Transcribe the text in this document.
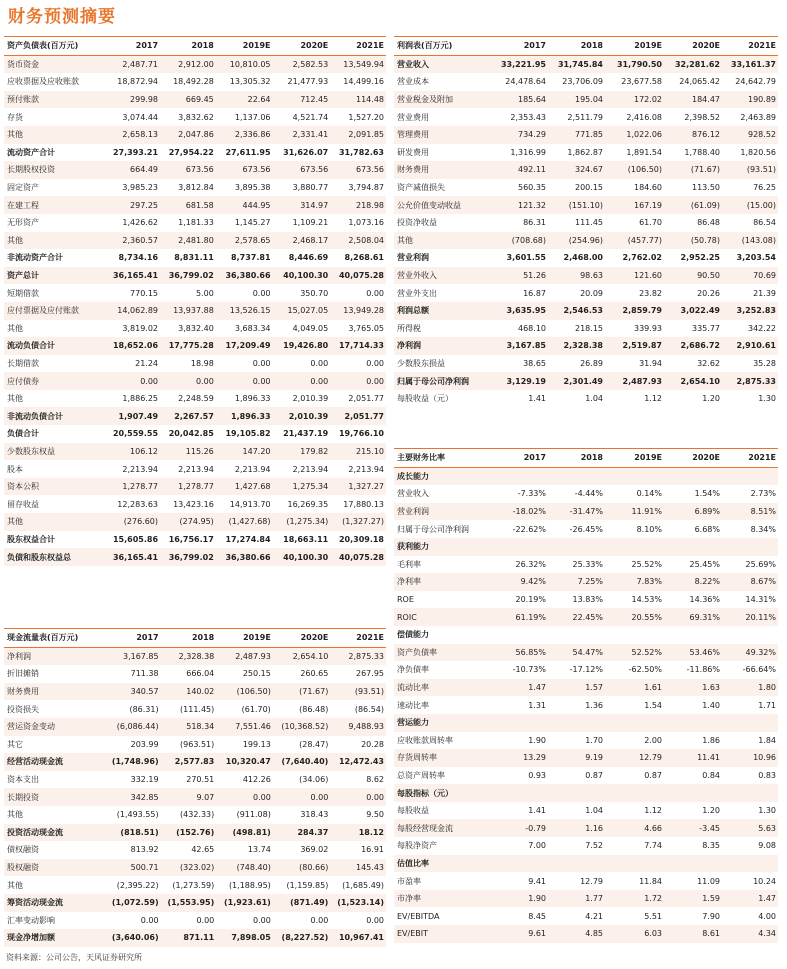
财务预测摘要
资产负债表(百万元)	2017	2018	2019E	2020E	2021E
货币资金	2,487.71	2,912.00	10,810.05	2,582.53	13,549.94
应收票据及应收账款	18,872.94	18,492.28	13,305.32	21,477.93	14,499.16
预付账款	299.98	669.45	22.64	712.45	114.48
存货	3,074.44	3,832.62	1,137.06	4,521.74	1,527.20
其他	2,658.13	2,047.86	2,336.86	2,331.41	2,091.85
流动资产合计	27,393.21	27,954.22	27,611.95	31,626.07	31,782.63
长期股权投资	664.49	673.56	673.56	673.56	673.56
固定资产	3,985.23	3,812.84	3,895.38	3,880.77	3,794.87
在建工程	297.25	681.58	444.95	314.97	218.98
无形资产	1,426.62	1,181.33	1,145.27	1,109.21	1,073.16
其他	2,360.57	2,481.80	2,578.65	2,468.17	2,508.04
非流动资产合计	8,734.16	8,831.11	8,737.81	8,446.69	8,268.61
资产总计	36,165.41	36,799.02	36,380.66	40,100.30	40,075.28
短期借款	770.15	5.00	0.00	350.70	0.00
应付票据及应付账款	14,062.89	13,937.88	13,526.15	15,027.05	13,949.28
其他	3,819.02	3,832.40	3,683.34	4,049.05	3,765.05
流动负债合计	18,652.06	17,775.28	17,209.49	19,426.80	17,714.33
长期借款	21.24	18.98	0.00	0.00	0.00
应付债券	0.00	0.00	0.00	0.00	0.00
其他	1,886.25	2,248.59	1,896.33	2,010.39	2,051.77
非流动负债合计	1,907.49	2,267.57	1,896.33	2,010.39	2,051.77
负债合计	20,559.55	20,042.85	19,105.82	21,437.19	19,766.10
少数股东权益	106.12	115.26	147.20	179.82	215.10
股本	2,213.94	2,213.94	2,213.94	2,213.94	2,213.94
资本公积	1,278.77	1,278.77	1,427.68	1,275.34	1,327.27
留存收益	12,283.63	13,423.16	14,913.70	16,269.35	17,880.13
其他	(276.60)	(274.95)	(1,427.68)	(1,275.34)	(1,327.27)
股东权益合计	15,605.86	16,756.17	17,274.84	18,663.11	20,309.18
负债和股东权益总	36,165.41	36,799.02	36,380.66	40,100.30	40,075.28
利润表(百万元)	2017	2018	2019E	2020E	2021E
营业收入	33,221.95	31,745.84	31,790.50	32,281.62	33,161.37
营业成本	24,478.64	23,706.09	23,677.58	24,065.42	24,642.79
营业税金及附加	185.64	195.04	172.02	184.47	190.89
营业费用	2,353.43	2,511.79	2,416.08	2,398.52	2,463.89
管理费用	734.29	771.85	1,022.06	876.12	928.52
研发费用	1,316.99	1,862.87	1,891.54	1,788.40	1,820.56
财务费用	492.11	324.67	(106.50)	(71.67)	(93.51)
资产减值损失	560.35	200.15	184.60	113.50	76.25
公允价值变动收益	121.32	(151.10)	167.19	(61.09)	(15.00)
投资净收益	86.31	111.45	61.70	86.48	86.54
其他	(708.68)	(254.96)	(457.77)	(50.78)	(143.08)
营业利润	3,601.55	2,468.00	2,762.02	2,952.25	3,203.54
营业外收入	51.26	98.63	121.60	90.50	70.69
营业外支出	16.87	20.09	23.82	20.26	21.39
利润总额	3,635.95	2,546.53	2,859.79	3,022.49	3,252.83
所得税	468.10	218.15	339.93	335.77	342.22
净利润	3,167.85	2,328.38	2,519.87	2,686.72	2,910.61
少数股东损益	38.65	26.89	31.94	32.62	35.28
归属于母公司净利润	3,129.19	2,301.49	2,487.93	2,654.10	2,875.33
每股收益（元）	1.41	1.04	1.12	1.20	1.30
主要财务比率	2017	2018	2019E	2020E	2021E
成长能力					
营业收入	-7.33%	-4.44%	0.14%	1.54%	2.73%
营业利润	-18.02%	-31.47%	11.91%	6.89%	8.51%
归属于母公司净利润	-22.62%	-26.45%	8.10%	6.68%	8.34%
获利能力					
毛利率	26.32%	25.33%	25.52%	25.45%	25.69%
净利率	9.42%	7.25%	7.83%	8.22%	8.67%
ROE	20.19%	13.83%	14.53%	14.36%	14.31%
ROIC	61.19%	22.45%	20.55%	69.31%	20.11%
偿债能力					
资产负债率	56.85%	54.47%	52.52%	53.46%	49.32%
净负债率	-10.73%	-17.12%	-62.50%	-11.86%	-66.64%
流动比率	1.47	1.57	1.61	1.63	1.80
速动比率	1.31	1.36	1.54	1.40	1.71
营运能力					
应收账款周转率	1.90	1.70	2.00	1.86	1.84
存货周转率	13.29	9.19	12.79	11.41	10.96
总资产周转率	0.93	0.87	0.87	0.84	0.83
每股指标（元）					
每股收益	1.41	1.04	1.12	1.20	1.30
每股经营现金流	-0.79	1.16	4.66	-3.45	5.63
每股净资产	7.00	7.52	7.74	8.35	9.08
估值比率					
市盈率	9.41	12.79	11.84	11.09	10.24
市净率	1.90	1.77	1.72	1.59	1.47
EV/EBITDA	8.45	4.21	5.51	7.90	4.00
EV/EBIT	9.61	4.85	6.03	8.61	4.34
现金流量表(百万元)	2017	2018	2019E	2020E	2021E
净利润	3,167.85	2,328.38	2,487.93	2,654.10	2,875.33
折旧摊销	711.38	666.04	250.15	260.65	267.95
财务费用	340.57	140.02	(106.50)	(71.67)	(93.51)
投资损失	(86.31)	(111.45)	(61.70)	(86.48)	(86.54)
营运资金变动	(6,086.44)	518.34	7,551.46	(10,368.52)	9,488.93
其它	203.99	(963.51)	199.13	(28.47)	20.28
经营活动现金流	(1,748.96)	2,577.83	10,320.47	(7,640.40)	12,472.43
资本支出	332.19	270.51	412.26	(34.06)	8.62
长期投资	342.85	9.07	0.00	0.00	0.00
其他	(1,493.55)	(432.33)	(911.08)	318.43	9.50
投资活动现金流	(818.51)	(152.76)	(498.81)	284.37	18.12
债权融资	813.92	42.65	13.74	369.02	16.91
股权融资	500.71	(323.02)	(748.40)	(80.66)	145.43
其他	(2,395.22)	(1,273.59)	(1,188.95)	(1,159.85)	(1,685.49)
筹资活动现金流	(1,072.59)	(1,553.95)	(1,923.61)	(871.49)	(1,523.14)
汇率变动影响	0.00	0.00	0.00	0.00	0.00
现金净增加额	(3,640.06)	871.11	7,898.05	(8,227.52)	10,967.41
资料来源：公司公告，天风证券研究所
